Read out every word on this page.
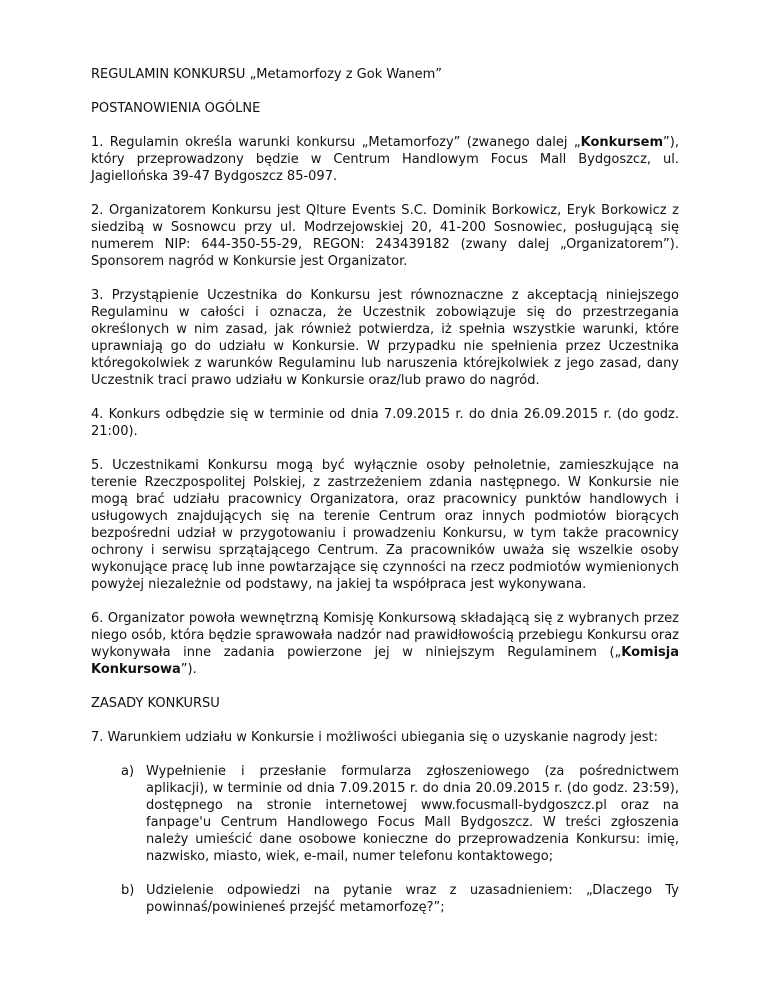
REGULAMIN KONKURSU „Metamorfozy z Gok Wanem”
POSTANOWIENIA OGÓLNE

1. Regulamin określa warunki konkursu „Metamorfozy” (zwanego dalej „Konkursem”), który przeprowadzony będzie w Centrum Handlowym Focus Mall Bydgoszcz, ul. Jagiellońska 39-47 Bydgoszcz 85-097.

2. Organizatorem Konkursu jest Qlture Events S.C. Dominik Borkowicz, Eryk Borkowicz z siedzibą w Sosnowcu przy ul. Modrzejowskiej 20, 41-200 Sosnowiec, posługującą się numerem NIP: 644-350-55-29, REGON: 243439182 (zwany dalej „Organizatorem”). Sponsorem nagród w Konkursie jest Organizator.

3. Przystąpienie Uczestnika do Konkursu jest równoznaczne z akceptacją niniejszego Regulaminu w całości i oznacza, że Uczestnik zobowiązuje się do przestrzegania określonych w nim zasad, jak również potwierdza, iż spełnia wszystkie warunki, które uprawniają go do udziału w Konkursie. W przypadku nie spełnienia przez Uczestnika któregokolwiek z warunków Regulaminu lub naruszenia którejkolwiek z jego zasad, dany Uczestnik traci prawo udziału w Konkursie oraz/lub prawo do nagród.

4. Konkurs odbędzie się w terminie od dnia 7.09.2015 r. do dnia 26.09.2015 r. (do godz. 21:00).

5. Uczestnikami Konkursu mogą być wyłącznie osoby pełnoletnie, zamieszkujące na terenie Rzeczpospolitej Polskiej, z zastrzeżeniem zdania następnego. W Konkursie nie mogą brać udziału pracownicy Organizatora, oraz pracownicy punktów handlowych i usługowych znajdujących się na terenie Centrum oraz innych podmiotów biorących bezpośredni udział w przygotowaniu i prowadzeniu Konkursu, w tym także pracownicy ochrony i serwisu sprzątającego Centrum. Za pracowników uważa się wszelkie osoby wykonujące pracę lub inne powtarzające się czynności na rzecz podmiotów wymienionych powyżej niezależnie od podstawy, na jakiej ta współpraca jest wykonywana.

6. Organizator powoła wewnętrzną Komisję Konkursową składającą się z wybranych przez niego osób, która będzie sprawowała nadzór nad prawidłowością przebiegu Konkursu oraz wykonywała inne zadania powierzone jej w niniejszym Regulaminem („Komisja Konkursowa”).

ZASADY KONKURSU

7. Warunkiem udziału w Konkursie i możliwości ubiegania się o uzyskanie nagrody jest:

a) Wypełnienie i przesłanie formularza zgłoszeniowego (za pośrednictwem aplikacji), w terminie od dnia 7.09.2015 r. do dnia 20.09.2015 r. (do godz. 23:59), dostępnego na stronie internetowej www.focusmall-bydgoszcz.pl oraz na fanpage'u Centrum Handlowego Focus Mall Bydgoszcz. W treści zgłoszenia należy umieścić dane osobowe konieczne do przeprowadzenia Konkursu: imię, nazwisko, miasto, wiek, e-mail, numer telefonu kontaktowego;
b) Udzielenie odpowiedzi na pytanie wraz z uzasadnieniem: „Dlaczego Ty powinnaś/powinieneś przejść metamorfozę?”;
